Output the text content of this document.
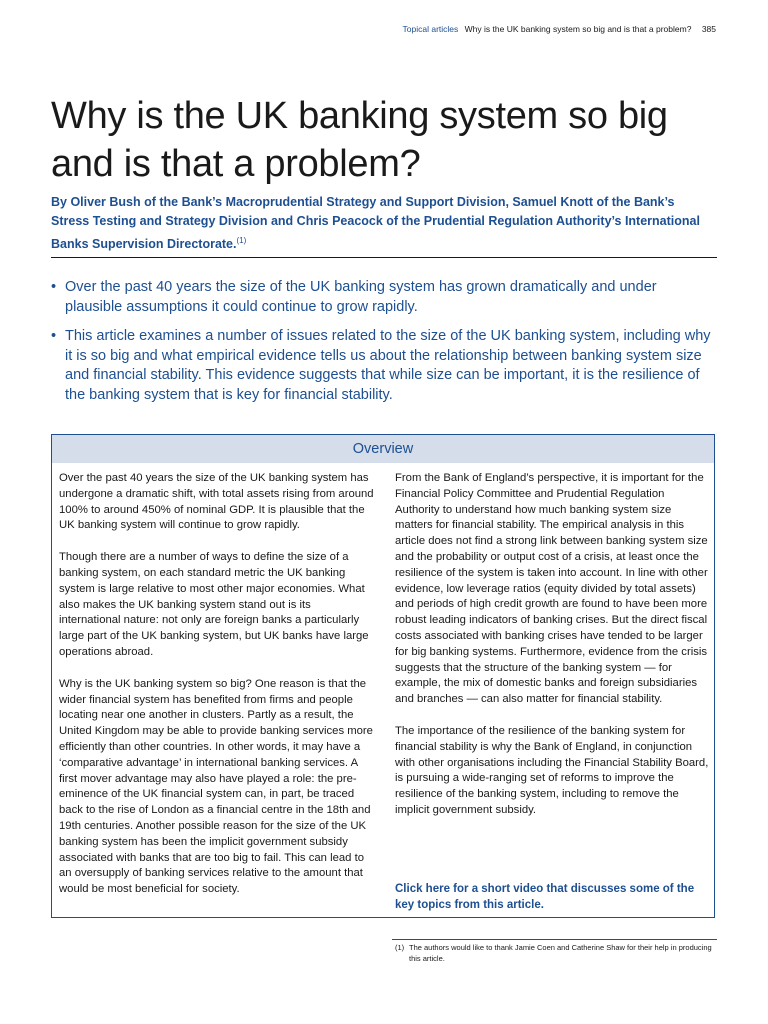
Topical articles Why is the UK banking system so big and is that a problem? 385
Why is the UK banking system so big and is that a problem?
By Oliver Bush of the Bank’s Macroprudential Strategy and Support Division, Samuel Knott of the Bank’s Stress Testing and Strategy Division and Chris Peacock of the Prudential Regulation Authority’s International Banks Supervision Directorate.$^{(1)}$
• Over the past 40 years the size of the UK banking system has grown dramatically and under plausible assumptions it could continue to grow rapidly.
• This article examines a number of issues related to the size of the UK banking system, including why it is so big and what empirical evidence tells us about the relationship between banking system size and financial stability. This evidence suggests that while size can be important, it is the resilience of the banking system that is key for financial stability.
Overview

Over the past 40 years the size of the UK banking system has undergone a dramatic shift, with total assets rising from around 100% to around 450% of nominal GDP. It is plausible that the UK banking system will continue to grow rapidly.

Though there are a number of ways to define the size of a banking system, on each standard metric the UK banking system is large relative to most other major economies. What also makes the UK banking system stand out is its international nature: not only are foreign banks a particularly large part of the UK banking system, but UK banks have large operations abroad.

Why is the UK banking system so big? One reason is that the wider financial system has benefited from firms and people locating near one another in clusters. Partly as a result, the United Kingdom may be able to provide banking services more efficiently than other countries. In other words, it may have a ‘comparative advantage’ in international banking services. A first mover advantage may also have played a role: the pre-eminence of the UK financial system can, in part, be traced back to the rise of London as a financial centre in the 18th and 19th centuries. Another possible reason for the size of the UK banking system has been the implicit government subsidy associated with banks that are too big to fail. This can lead to an oversupply of banking services relative to the amount that would be most beneficial for society.

From the Bank of England’s perspective, it is important for the Financial Policy Committee and Prudential Regulation Authority to understand how much banking system size matters for financial stability. The empirical analysis in this article does not find a strong link between banking system size and the probability or output cost of a crisis, at least once the resilience of the system is taken into account. In line with other evidence, low leverage ratios (equity divided by total assets) and periods of high credit growth are found to have been more robust leading indicators of banking crises. But the direct fiscal costs associated with banking crises have tended to be larger for big banking systems. Furthermore, evidence from the crisis suggests that the structure of the banking system — for example, the mix of domestic banks and foreign subsidiaries and branches — can also matter for financial stability.

The importance of the resilience of the banking system for financial stability is why the Bank of England, in conjunction with other organisations including the Financial Stability Board, is pursuing a wide-ranging set of reforms to improve the resilience of the banking system, including to remove the implicit government subsidy.

Click here for a short video that discusses some of the key topics from this article.
(1) The authors would like to thank Jamie Coen and Catherine Shaw for their help in producing this article.
